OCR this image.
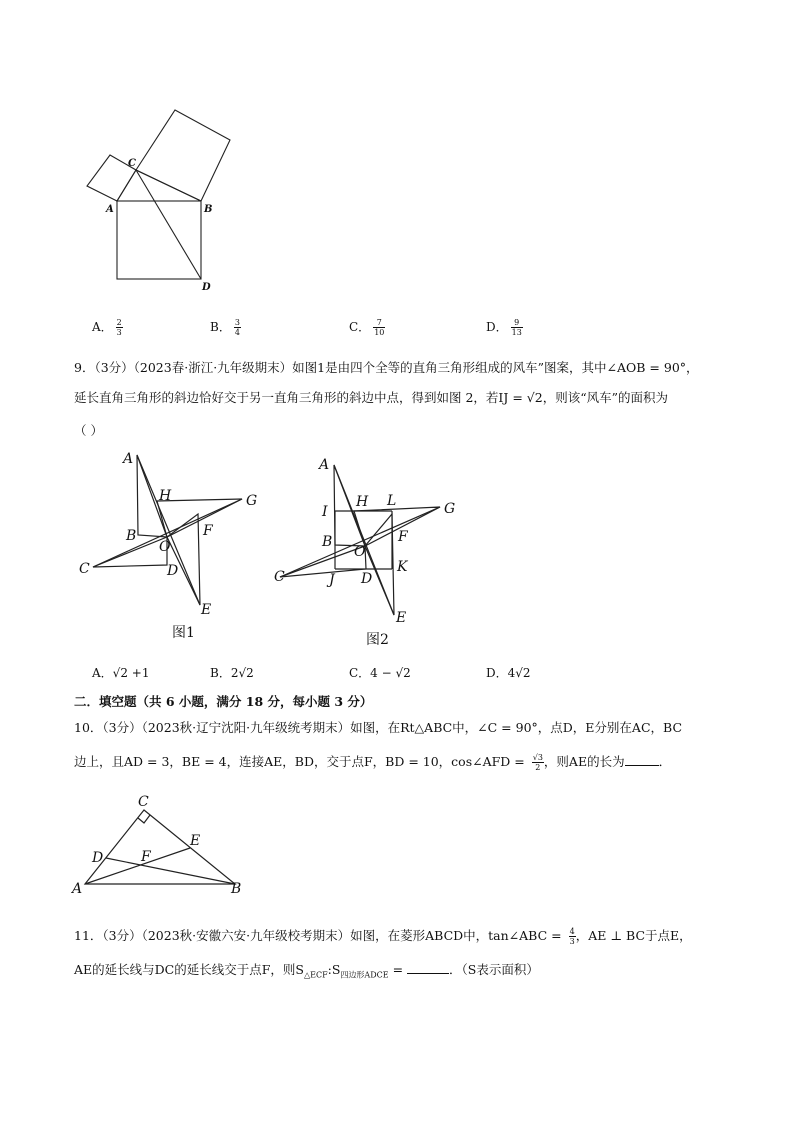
C
A	B
D
A． $\frac{2}{3}$	B． $\frac{3}{4}$	C． $\frac{7}{10}$	D． $\frac{9}{13}$
9．（3分）（2023春·浙江·九年级期末）如图1是由四个全等的直角三角形组成的风车”图案，其中∠AOB = 90°，
延长直角三角形的斜边恰好交于另一直角三角形的斜边中点，得到如图 2，若IJ = √2，则该“风车”的面积为
（ ）
A
H	G
B
O
F
C	D
E
图1
A
I
H L	G
B
O
F
C	J D
K
E
图2
A．√2 +1	B．2√2	C．4 − √2	D．4√2
二．填空题（共 6 小题，满分 18 分，每小题 3 分）
10．（3分）（2023秋·辽宁沈阳·九年级统考期末）如图，在Rt△ABC中，∠C = 90°，点D，E分别在AC，BC
边上，且AD = 3，BE = 4，连接AE，BD，交于点F，BD = 10，cos∠AFD = $\frac{√3}{2}$ ，则AE的长为	．
C
E
D	F
A	B
11．（3分）（2023秋·安徽六安·九年级校考期末）如图，在菱形ABCD中，tan∠ABC = $\frac{4}{3}$ ，AE ⊥ BC于点E，
AE的延长线与DC的延长线交于点F，则$S_{\triangle ECF}:S_{四边形ADCE}$ =	．（S表示面积）
